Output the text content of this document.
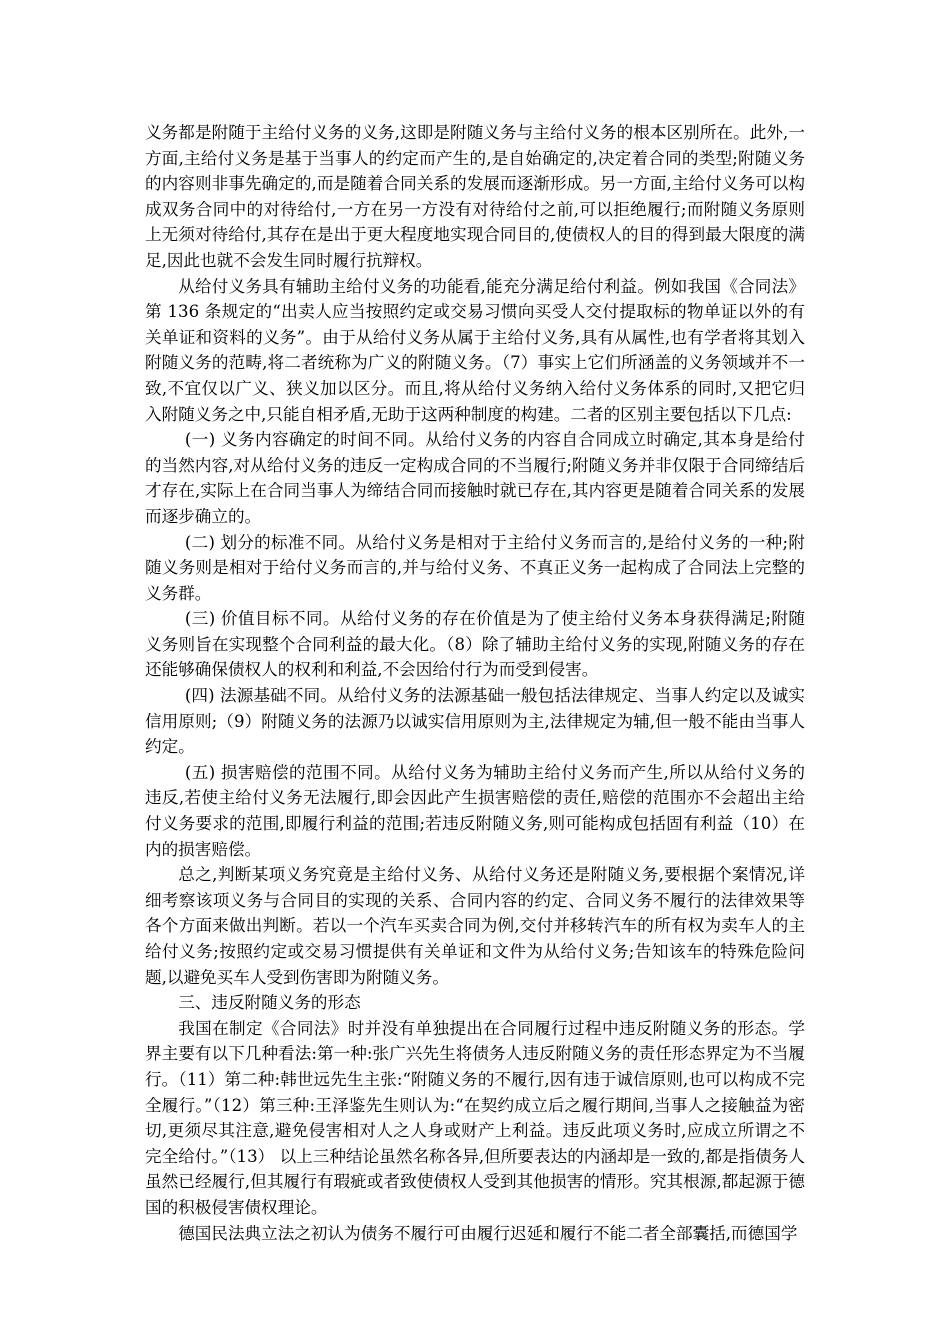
义务都是附随于主给付义务的义务,这即是附随义务与主给付义务的根本区别所在。此外,一方面,主给付义务是基于当事人的约定而产生的,是自始确定的,决定着合同的类型;附随义务的内容则非事先确定的,而是随着合同关系的发展而逐渐形成。另一方面,主给付义务可以构成双务合同中的对待给付,一方在另一方没有对待给付之前,可以拒绝履行;而附随义务原则上无须对待给付,其存在是出于更大程度地实现合同目的,使债权人的目的得到最大限度的满足,因此也就不会发生同时履行抗辩权。

从给付义务具有辅助主给付义务的功能看,能充分满足给付利益。例如我国《合同法》第 136 条规定的“出卖人应当按照约定或交易习惯向买受人交付提取标的物单证以外的有关单证和资料的义务”。由于从给付义务从属于主给付义务,具有从属性,也有学者将其划入附随义务的范畴,将二者统称为广义的附随义务。（7）事实上它们所涵盖的义务领域并不一致,不宜仅以广义、狭义加以区分。而且,将从给付义务纳入给付义务体系的同时,又把它归入附随义务之中,只能自相矛盾,无助于这两种制度的构建。二者的区别主要包括以下几点:

(一) 义务内容确定的时间不同。从给付义务的内容自合同成立时确定,其本身是给付的当然内容,对从给付义务的违反一定构成合同的不当履行;附随义务并非仅限于合同缔结后才存在,实际上在合同当事人为缔结合同而接触时就已存在,其内容更是随着合同关系的发展而逐步确立的。

(二) 划分的标准不同。从给付义务是相对于主给付义务而言的,是给付义务的一种;附随义务则是相对于给付义务而言的,并与给付义务、不真正义务一起构成了合同法上完整的义务群。

(三) 价值目标不同。从给付义务的存在价值是为了使主给付义务本身获得满足;附随义务则旨在实现整个合同利益的最大化。（8）除了辅助主给付义务的实现,附随义务的存在还能够确保债权人的权利和利益,不会因给付行为而受到侵害。

(四) 法源基础不同。从给付义务的法源基础一般包括法律规定、当事人约定以及诚实信用原则;（9）附随义务的法源乃以诚实信用原则为主,法律规定为辅,但一般不能由当事人约定。

(五) 损害赔偿的范围不同。从给付义务为辅助主给付义务而产生,所以从给付义务的违反,若使主给付义务无法履行,即会因此产生损害赔偿的责任,赔偿的范围亦不会超出主给付义务要求的范围,即履行利益的范围;若违反附随义务,则可能构成包括固有利益（10）在内的损害赔偿。

总之,判断某项义务究竟是主给付义务、从给付义务还是附随义务,要根据个案情况,详细考察该项义务与合同目的实现的关系、合同内容的约定、合同义务不履行的法律效果等各个方面来做出判断。若以一个汽车买卖合同为例,交付并移转汽车的所有权为卖车人的主给付义务;按照约定或交易习惯提供有关单证和文件为从给付义务;告知该车的特殊危险问题,以避免买车人受到伤害即为附随义务。

三、违反附随义务的形态

我国在制定《合同法》时并没有单独提出在合同履行过程中违反附随义务的形态。学界主要有以下几种看法:第一种:张广兴先生将债务人违反附随义务的责任形态界定为不当履行。（11）第二种:韩世远先生主张:“附随义务的不履行,因有违于诚信原则,也可以构成不完全履行。”（12）第三种:王泽鉴先生则认为:“在契约成立后之履行期间,当事人之接触益为密切,更须尽其注意,避免侵害相对人之人身或财产上利益。违反此项义务时,应成立所谓之不完全给付。”（13） 以上三种结论虽然名称各异,但所要表达的内涵却是一致的,都是指债务人虽然已经履行,但其履行有瑕疵或者致使债权人受到其他损害的情形。究其根源,都起源于德国的积极侵害债权理论。

德国民法典立法之初认为债务不履行可由履行迟延和履行不能二者全部囊括,而德国学
